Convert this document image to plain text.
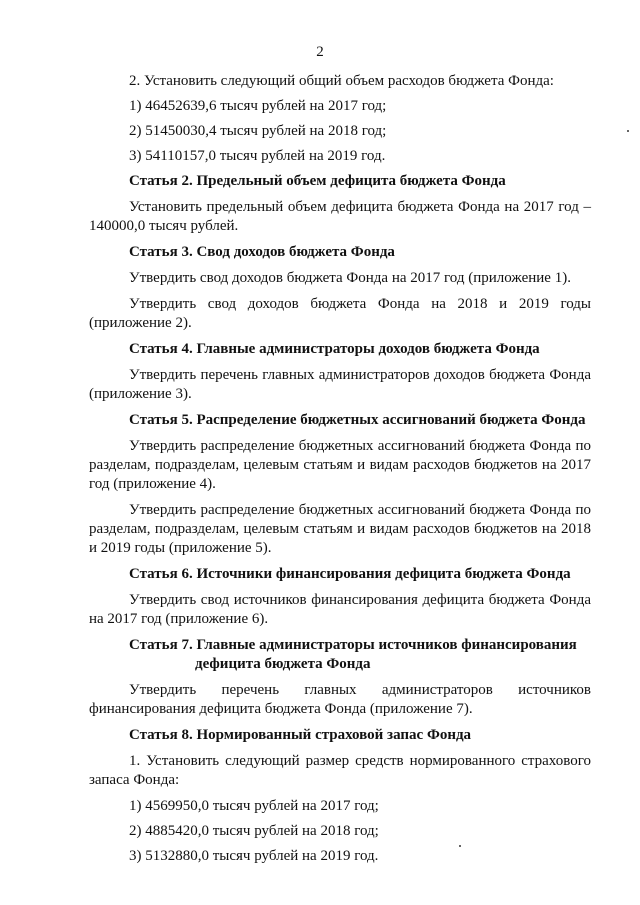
2

2. Установить следующий общий объем расходов бюджета Фонда:

1) 46452639,6 тысяч рублей на 2017 год;

2) 51450030,4 тысяч рублей на 2018 год;

3) 54110157,0 тысяч рублей на 2019 год.

Статья 2. Предельный объем дефицита бюджета Фонда

Установить предельный объем дефицита бюджета Фонда на 2017 год – 140000,0 тысяч рублей.

Статья 3. Свод доходов бюджета Фонда

Утвердить свод доходов бюджета Фонда на 2017 год (приложение 1).

Утвердить свод доходов бюджета Фонда на 2018 и 2019 годы (приложение 2).

Статья 4. Главные администраторы доходов бюджета Фонда

Утвердить перечень главных администраторов доходов бюджета Фонда (приложение 3).

Статья 5. Распределение бюджетных ассигнований бюджета Фонда

Утвердить распределение бюджетных ассигнований бюджета Фонда по разделам, подразделам, целевым статьям и видам расходов бюджетов на 2017 год (приложение 4).

Утвердить распределение бюджетных ассигнований бюджета Фонда по разделам, подразделам, целевым статьям и видам расходов бюджетов на 2018 и 2019 годы (приложение 5).

Статья 6. Источники финансирования дефицита бюджета Фонда

Утвердить свод источников финансирования дефицита бюджета Фонда на 2017 год (приложение 6).

Статья 7. Главные администраторы источников финансирования
дефицита бюджета Фонда

Утвердить перечень главных администраторов источников финансирования дефицита бюджета Фонда (приложение 7).

Статья 8. Нормированный страховой запас Фонда

1. Установить следующий размер средств нормированного страхового запаса Фонда:

1) 4569950,0 тысяч рублей на 2017 год;

2) 4885420,0 тысяч рублей на 2018 год;

3) 5132880,0 тысяч рублей на 2019 год.
